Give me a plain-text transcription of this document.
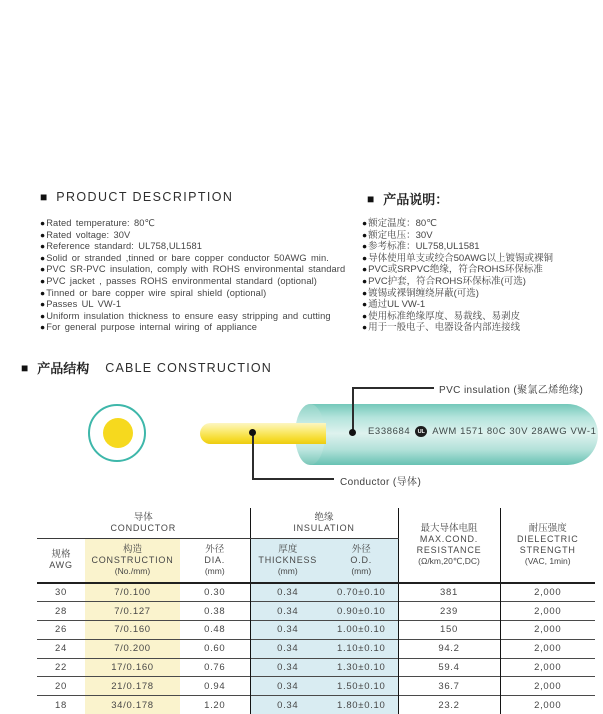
■ PRODUCT DESCRIPTION
●Rated temperature: 80℃
●Rated voltage: 30V
●Reference standard: UL758,UL1581
●Solid or stranded ,tinned or bare copper conductor 50AWG min.
●PVC SR-PVC insulation, comply with ROHS environmental standard
●PVC jacket , passes ROHS environmental standard (optional)
●Tinned or bare copper wire spiral shield (optional)
●Passes UL VW-1
●Uniform insulation thickness to ensure easy stripping and cutting
●For general purpose internal wiring of appliance
■ 产品说明：
●额定温度：80℃
●额定电压：30V
●参考标准：UL758,UL1581
●导体使用单支或绞合50AWG以上镀锡或裸铜
●PVC或SRPVC绝缘，符合ROHS环保标准
●PVC护套，符合ROHS环保标准(可选)
●镀锡或裸铜缠绕屏蔽(可选)
●通过UL VW-1
●使用标准绝缘厚度、易裁线、易剥皮
●用于一般电子、电器设备内部连接线
■ 产品结构 CABLE CONSTRUCTION
E338684	UL AWM 1571 80C 30V 28AWG VW-1
PVC insulation (聚氯乙烯绝缘)
Conductor (导体)
导体
CONDUCTOR

绝缘
INSULATION	最大导体电阻
MAX.COND.
RESISTANCE
(Ω/km,20℃,DC)

耐压强度
DIELECTRIC
STRENGTH
(VAC, 1min)

规格
AWG

构造
CONSTRUCTION
(No./mm)

外径
DIA.
(mm)

厚度
THICKNESS
(mm)

外径
O.D.
(mm)

30	7/0.100	0.30	0.34	0.70±0.10	381	2,000
28	7/0.127	0.38	0.34	0.90±0.10	239	2,000
26	7/0.160	0.48	0.34	1.00±0.10	150	2,000
24	7/0.200	0.60	0.34	1.10±0.10	94.2	2,000
22	17/0.160	0.76	0.34	1.30±0.10	59.4	2,000
20	21/0.178	0.94	0.34	1.50±0.10	36.7	2,000
18	34/0.178	1.20	0.34	1.80±0.10	23.2	2,000
